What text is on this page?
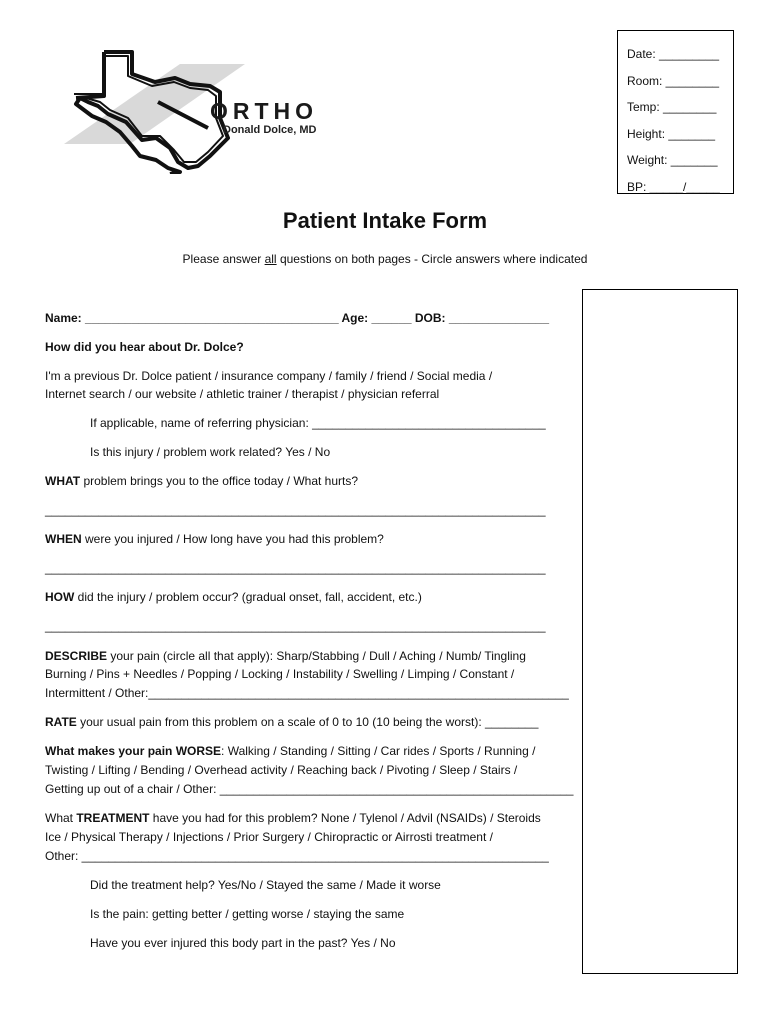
ORTHO
Donald Dolce, MD
Date: _________
Room: ________
Temp: ________
Height: _______
Weight: _______
BP: _____/_____
Patient Intake Form
Please answer all questions on both pages - Circle answers where indicated
Name: ______________________________________ Age: ______ DOB: _______________
How did you hear about Dr. Dolce?
I'm a previous Dr. Dolce patient / insurance company / family / friend / Social media /
Internet search / our website / athletic trainer / therapist / physician referral
If applicable, name of referring physician: ___________________________________
Is this injury / problem work related? Yes / No
WHAT problem brings you to the office today / What hurts?
___________________________________________________________________________
WHEN were you injured / How long have you had this problem?
___________________________________________________________________________
HOW did the injury / problem occur? (gradual onset, fall, accident, etc.)
___________________________________________________________________________
DESCRIBE your pain (circle all that apply): Sharp/Stabbing / Dull / Aching / Numb/ Tingling
Burning / Pins + Needles / Popping / Locking / Instability / Swelling / Limping / Constant /
Intermittent / Other:_______________________________________________________________
RATE your usual pain from this problem on a scale of 0 to 10 (10 being the worst): ________
What makes your pain WORSE: Walking / Standing / Sitting / Car rides / Sports / Running /
Twisting / Lifting / Bending / Overhead activity / Reaching back / Pivoting / Sleep / Stairs /
Getting up out of a chair / Other: _____________________________________________________
What TREATMENT have you had for this problem? None / Tylenol / Advil (NSAIDs) / Steroids
Ice / Physical Therapy / Injections / Prior Surgery / Chiropractic or Airrosti treatment /
Other: ______________________________________________________________________
Did the treatment help? Yes/No / Stayed the same / Made it worse
Is the pain: getting better / getting worse / staying the same
Have you ever injured this body part in the past? Yes / No
